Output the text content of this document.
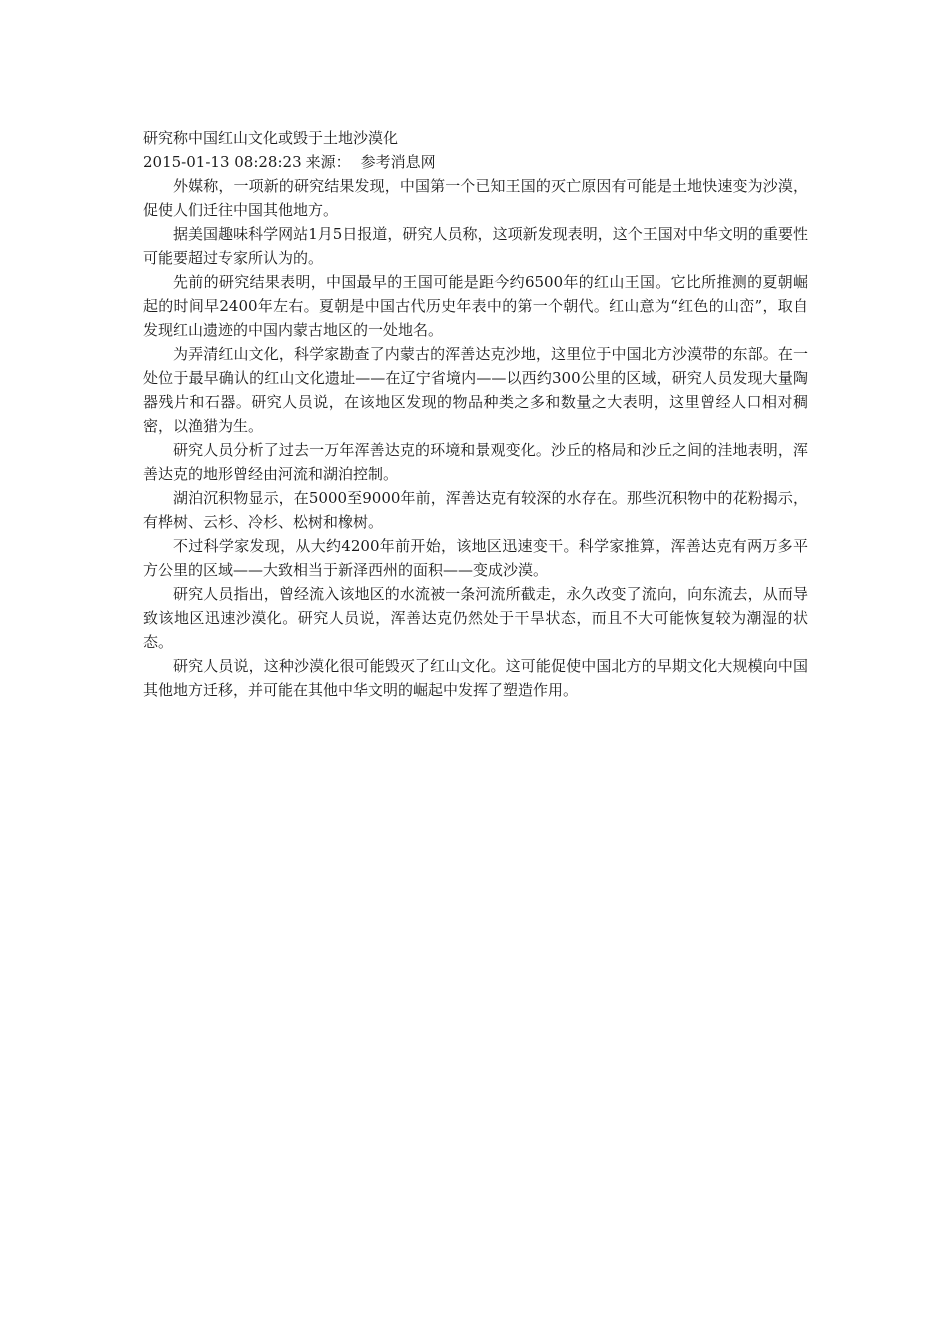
研究称中国红山文化或毁于土地沙漠化

2015-01-13 08:28:23 来源： 参考消息网

外媒称，一项新的研究结果发现，中国第一个已知王国的灭亡原因有可能是土地快速变为沙漠，促使人们迁往中国其他地方。

据美国趣味科学网站1月5日报道，研究人员称，这项新发现表明，这个王国对中华文明的重要性可能要超过专家所认为的。

先前的研究结果表明，中国最早的王国可能是距今约6500年的红山王国。它比所推测的夏朝崛起的时间早2400年左右。夏朝是中国古代历史年表中的第一个朝代。红山意为“红色的山峦”，取自发现红山遗迹的中国内蒙古地区的一处地名。

为弄清红山文化，科学家勘查了内蒙古的浑善达克沙地，这里位于中国北方沙漠带的东部。在一处位于最早确认的红山文化遗址——在辽宁省境内——以西约300公里的区域，研究人员发现大量陶器残片和石器。研究人员说，在该地区发现的物品种类之多和数量之大表明，这里曾经人口相对稠密，以渔猎为生。

研究人员分析了过去一万年浑善达克的环境和景观变化。沙丘的格局和沙丘之间的洼地表明，浑善达克的地形曾经由河流和湖泊控制。

湖泊沉积物显示，在5000至9000年前，浑善达克有较深的水存在。那些沉积物中的花粉揭示，有桦树、云杉、冷杉、松树和橡树。

不过科学家发现，从大约4200年前开始，该地区迅速变干。科学家推算，浑善达克有两万多平方公里的区域——大致相当于新泽西州的面积——变成沙漠。

研究人员指出，曾经流入该地区的水流被一条河流所截走，永久改变了流向，向东流去，从而导致该地区迅速沙漠化。研究人员说，浑善达克仍然处于干旱状态，而且不大可能恢复较为潮湿的状态。

研究人员说，这种沙漠化很可能毁灭了红山文化。这可能促使中国北方的早期文化大规模向中国其他地方迁移，并可能在其他中华文明的崛起中发挥了塑造作用。
